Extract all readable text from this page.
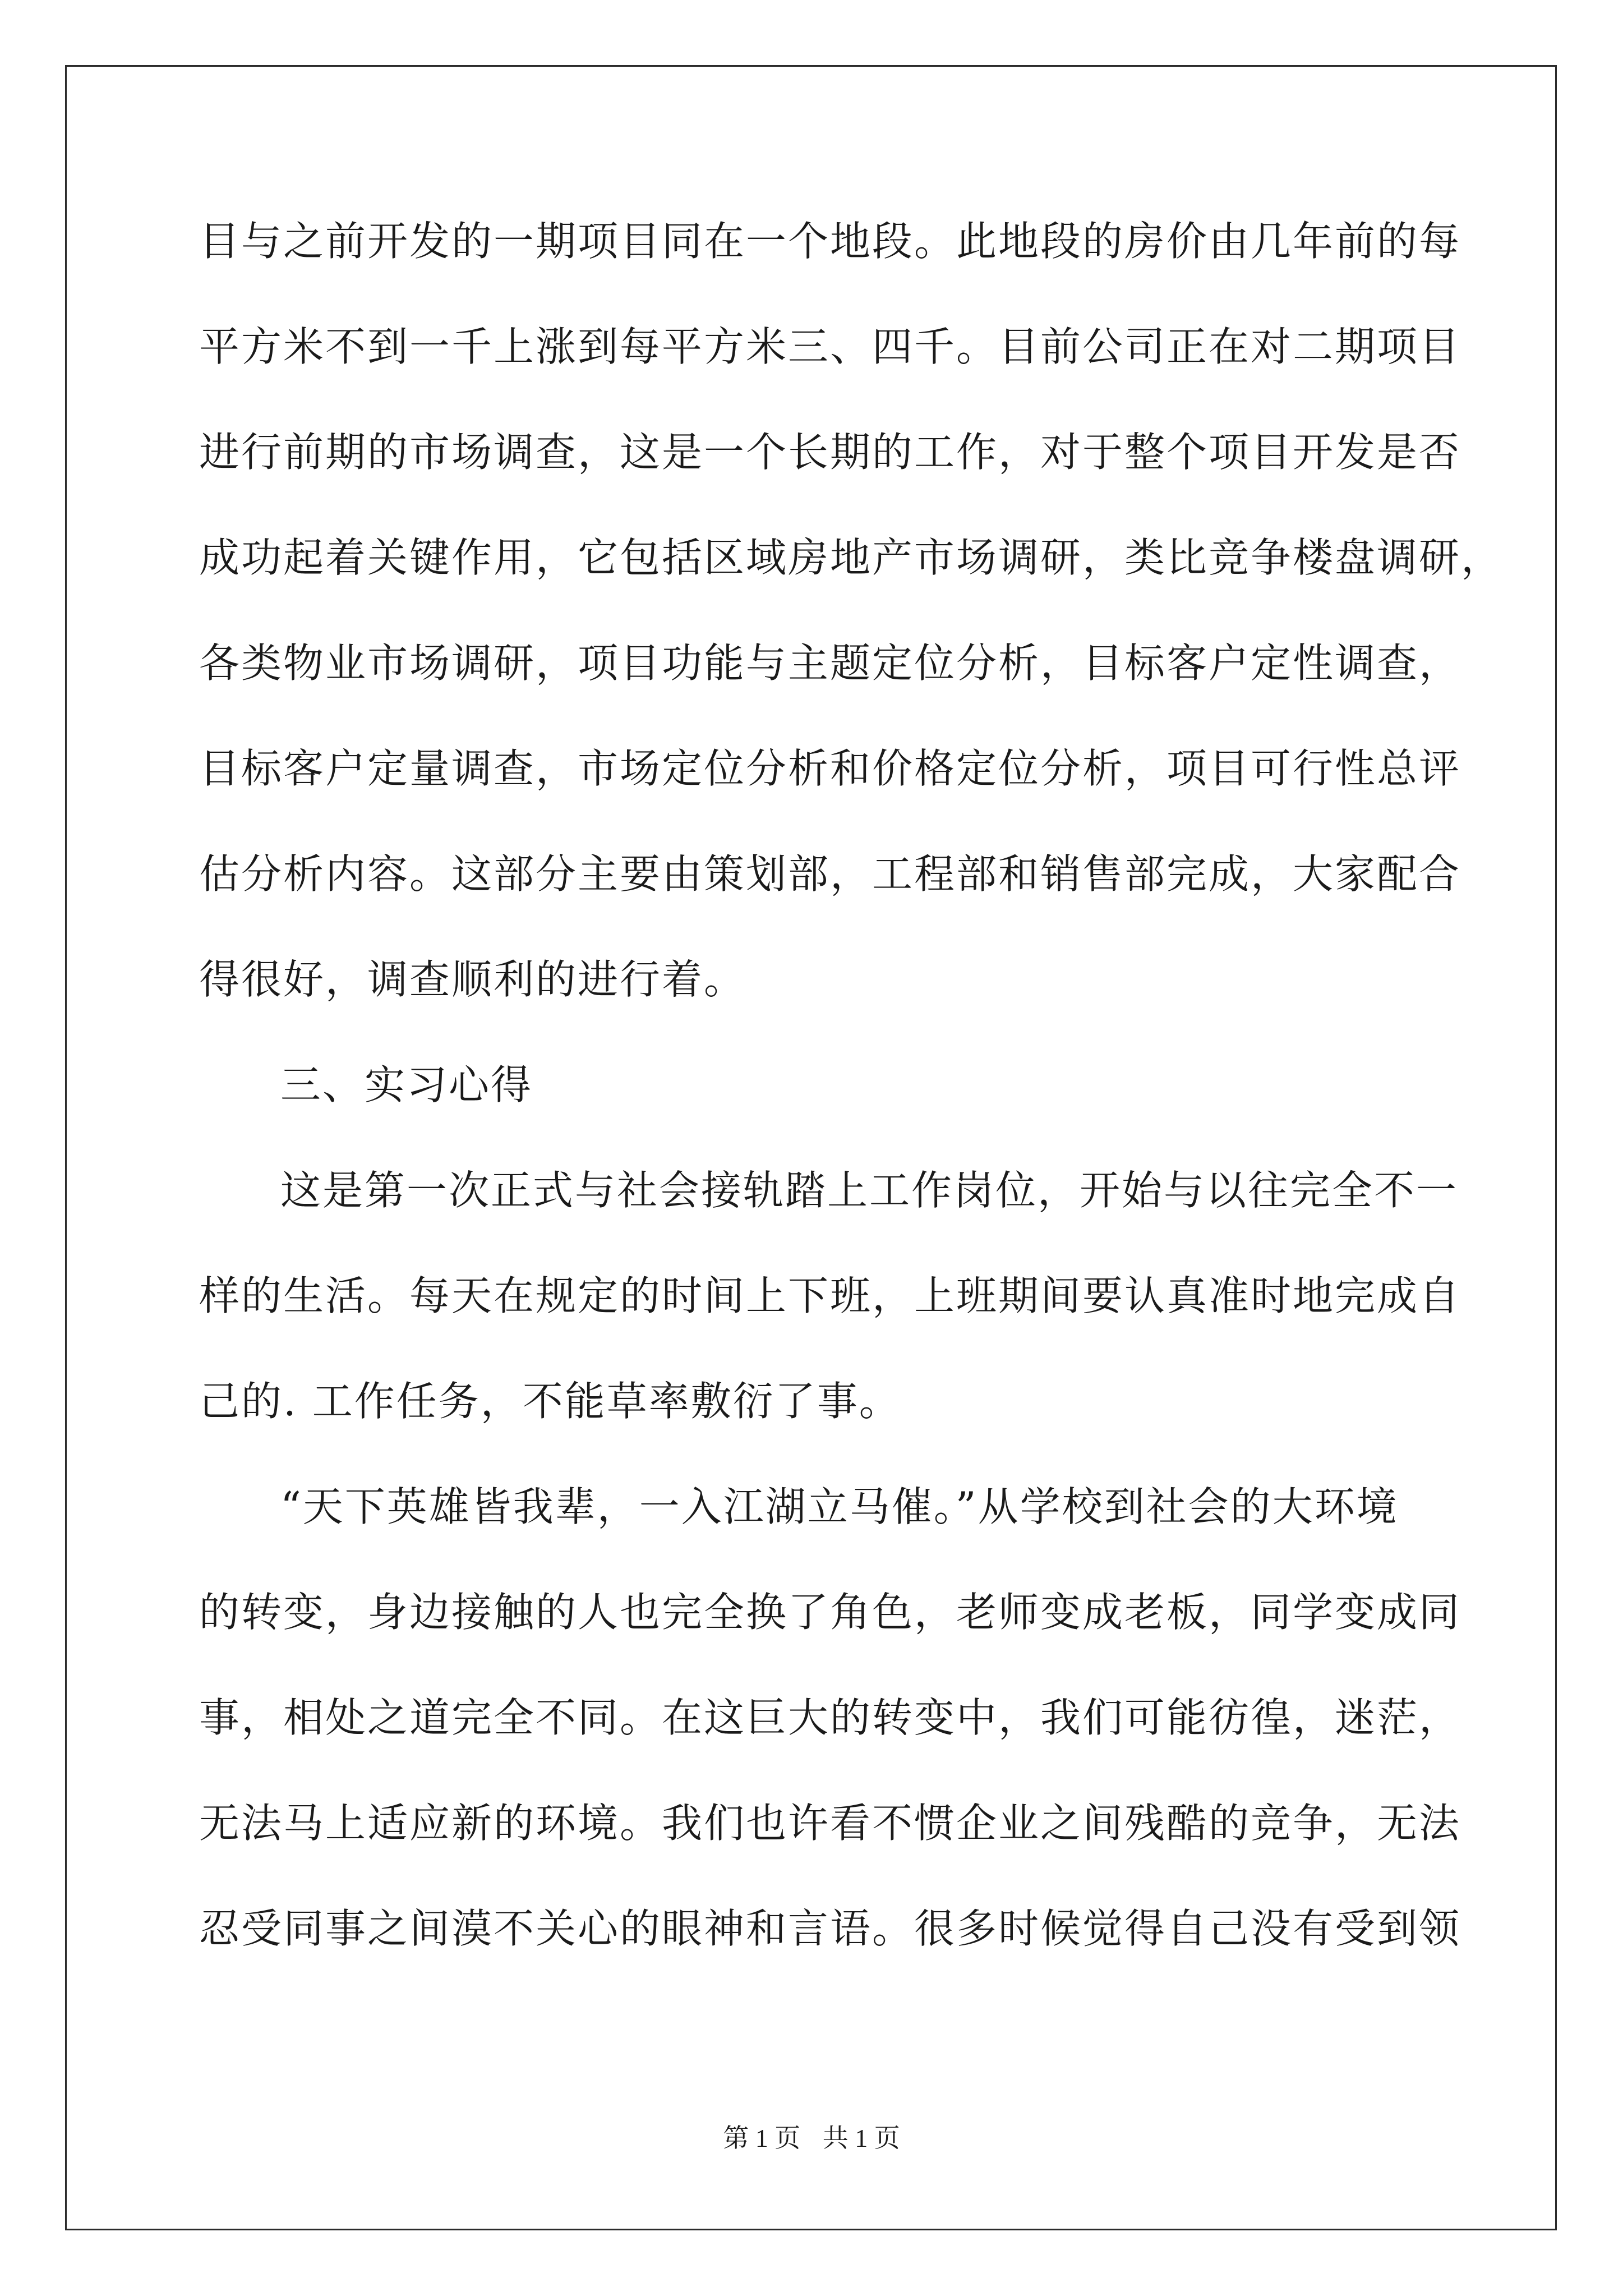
目与之前开发的一期项目同在一个地段。此地段的房价由几年前的每
平方米不到一千上涨到每平方米三、四千。目前公司正在对二期项目
进行前期的市场调查，这是一个长期的工作，对于整个项目开发是否
成功起着关键作用，它包括区域房地产市场调研，类比竞争楼盘调研，
各类物业市场调研，项目功能与主题定位分析，目标客户定性调查，
目标客户定量调查，市场定位分析和价格定位分析，项目可行性总评
估分析内容。这部分主要由策划部，工程部和销售部完成，大家配合
得很好，调查顺利的进行着。
三、实习心得
这是第一次正式与社会接轨踏上工作岗位，开始与以往完全不一
样的生活。每天在规定的时间上下班，上班期间要认真准时地完成自
己的. 工作任务，不能草率敷衍了事。
“天下英雄皆我辈，一入江湖立马催。”从学校到社会的大环境
的转变，身边接触的人也完全换了角色，老师变成老板，同学变成同
事，相处之道完全不同。在这巨大的转变中，我们可能彷徨，迷茫，
无法马上适应新的环境。我们也许看不惯企业之间残酷的竞争，无法
忍受同事之间漠不关心的眼神和言语。很多时候觉得自己没有受到领
第 1 页 共 1 页
